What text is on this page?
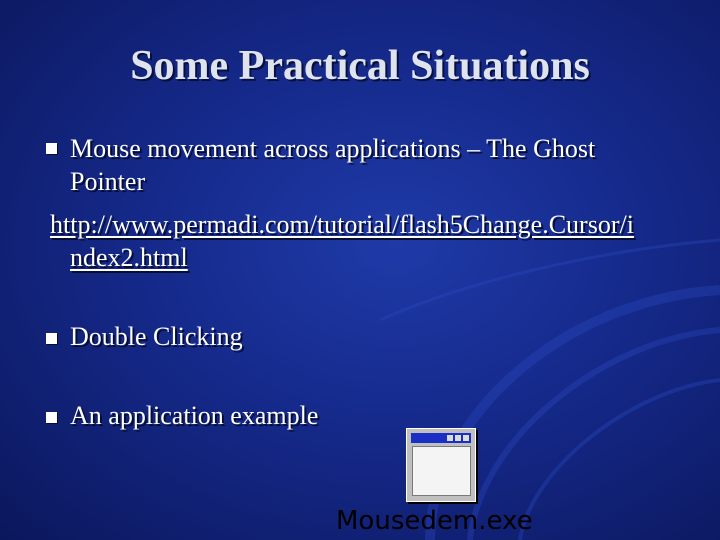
Some Practical Situations
Mouse movement across applications – The Ghost
Pointer
http://www.permadi.com/tutorial/flash5Change.Cursor/i
ndex2.html
Double Clicking
An application example
Mousedem.exe
